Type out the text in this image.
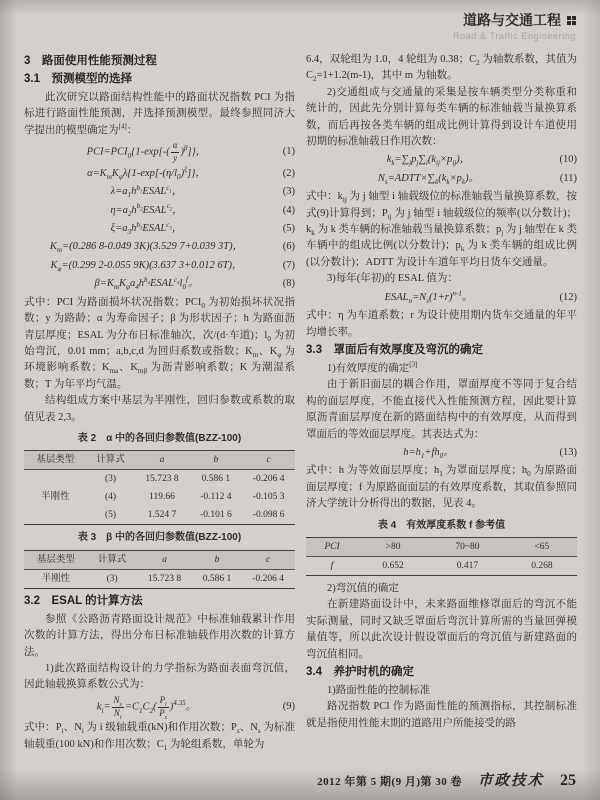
道路与交通工程
Road & Traffic Engineering
3　路面使用性能预测过程
3.1　预测模型的选择

此次研究以路面结构性能中的路面状况指数 PCI 为指标进行路面性能预测，并选择预测模型。最终参照同济大学提出的模型确定为[4]：

$PCI=PCI_0\{1-\exp[-( \frac{\alpha}{y} )^\beta]\}$，	(1)
$\alpha=K_mK_\varphi\lambda\{1-\exp[-(\eta/l_0)^\xi]\}$，	(2)
$\lambda=a_1h^{b_1}ESAL^{c_1}$，	(3)
$\eta=a_2h^{b_2}ESAL^{c_2}$，	(4)
$\xi=a_3h^{b_3}ESAL^{c_3}$，	(5)
$K_m=(0.286$ 8-0.049 3K)(3.529 7+0.039 3T)，	(6)
$K_\varphi=(0.299$ 2-0.055 9K)(3.637 3+0.012 6T)，	(7)
$\beta=K_mK_\varphi a_4h^{b_4}ESAL^{c_4}l_0^f$。	(8)

式中：PCI 为路面损坏状况指数；$PCI_0$ 为初始损坏状况指数；y 为路龄；α 为寿命因子；β 为形状因子；h 为路面沥青层厚度；ESAL 为分布日标准轴次，次/(d·车道)；$l_0$ 为初始弯沉，0.01 mm；a,b,c,d 为回归系数或指数；$K_m$、$K_\varphi$ 为环境影响系数；$K_{ma}$、$K_{m\beta}$ 为沥青影响系数；K 为潮湿系数；T 为年平均气温。

结构组成方案中基层为半刚性，回归参数或系数的取值见表 2,3。

表 2　α 中的各回归参数值(BZZ-100)

基层类型	计算式	a	b	c
半刚性	(3)	15.723 8	0.586 1	-0.206 4
	(4)	119.66	-0.112 4	-0.105 3
	(5)	1.524 7	-0.101 6	-0.098 6

表 3　β 中的各回归参数值(BZZ-100)

基层类型	计算式	a	b	c
半刚性	(3)	15.723 8	0.586 1	-0.206 4
3.2　ESAL 的计算方法

参照《公路沥青路面设计规范》中标准轴载累计作用次数的计算方法，得出分布日标准轴载作用次数的计算方法。

1)此次路面结构设计的力学指标为路面表面弯沉值，因此轴载换算系数公式为：

$k_i= \frac{N_s}{N_i} =C_1C_2( \frac{P_i}{P_s} )^{4.35}$。	(9)

式中：$P_i$、$N_i$ 为 i 级轴载重(kN)和作用次数；$P_s$、$N_s$ 为标准轴载重(100 kN)和作用次数；$C_1$ 为轮组系数，单轮为

6.4，双轮组为 1.0，4 轮组为 0.38；$C_2$ 为轴数系数，其值为 $C_2=1+1.2(m-1)$，其中 m 为轴数。

2)交通组成与交通量的采集是按车辆类型分类称重和统计的，因此先分别计算每类车辆的标准轴载当量换算系数，而后再按各类车辆的组成比例计算得到设计车道使用初期的标准轴载日作用次数：

$k_k=\sum_jp_j\sum_i(k_{ij}\times p_{ij})$，	(10)
$N_s=ADTT\times\sum_k(k_k\times p_k)$。	(11)

式中：$k_{ij}$ 为 j 轴型 i 轴载级位的标准轴载当量换算系数，按式(9)计算得到；$P_{ij}$ 为 j 轴型 i 轴载级位的频率(以分数计)；$k_k$ 为 k 类车辆的标准轴载当量换算系数；$p_j$ 为 j 轴型在 k 类车辆中的组成比例(以分数计)；$p_k$ 为 k 类车辆的组成比例(以分数计)；ADTT 为设计车道年平均日货车交通量。

3)每年(年初)的 ESAL 值为：

$ESAL_n=N_s(1+r)^{n-1}$。	(12)

式中：η 为车道系数；r 为设计使用期内货车交通量的年平均增长率。

3.3　罩面后有效厚度及弯沉的确定

1)有效厚度的确定[3]

由于新旧面层的耦合作用，罩面厚度不等同于复合结构的面层厚度，不能直接代入性能预测方程，因此要计算原沥青面层厚度在新的路面结构中的有效厚度，从而得到罩面后的等效面层厚度。其表达式为：

$h=h_1+fh_0$。	(13)

式中：h 为等效面层厚度；$h_1$ 为罩面层厚度；$h_0$ 为原路面面层厚度；f 为原路面面层的有效厚度系数，其取值参照同济大学统计分析得出的数据，见表 4。

表 4　有效厚度系数 f 参考值

PCI	>80	70~80	<65
f	0.652	0.417	0.268

2)弯沉值的确定

在新建路面设计中，未来路面维修罩面后的弯沉不能实际测量，同时又缺乏罩面后弯沉计算所需的当量回弹模量值等，所以此次设计假设罩面后的弯沉值与新建路面的弯沉值相同。

3.4　养护时机的确定

1)路面性能的控制标准

路况指数 PCI 作为路面性能的预测指标，其控制标准就是指使用性能末期的道路用户所能接受的路

2012 年第 5 期(9 月)第 30 卷 市政技术 25
